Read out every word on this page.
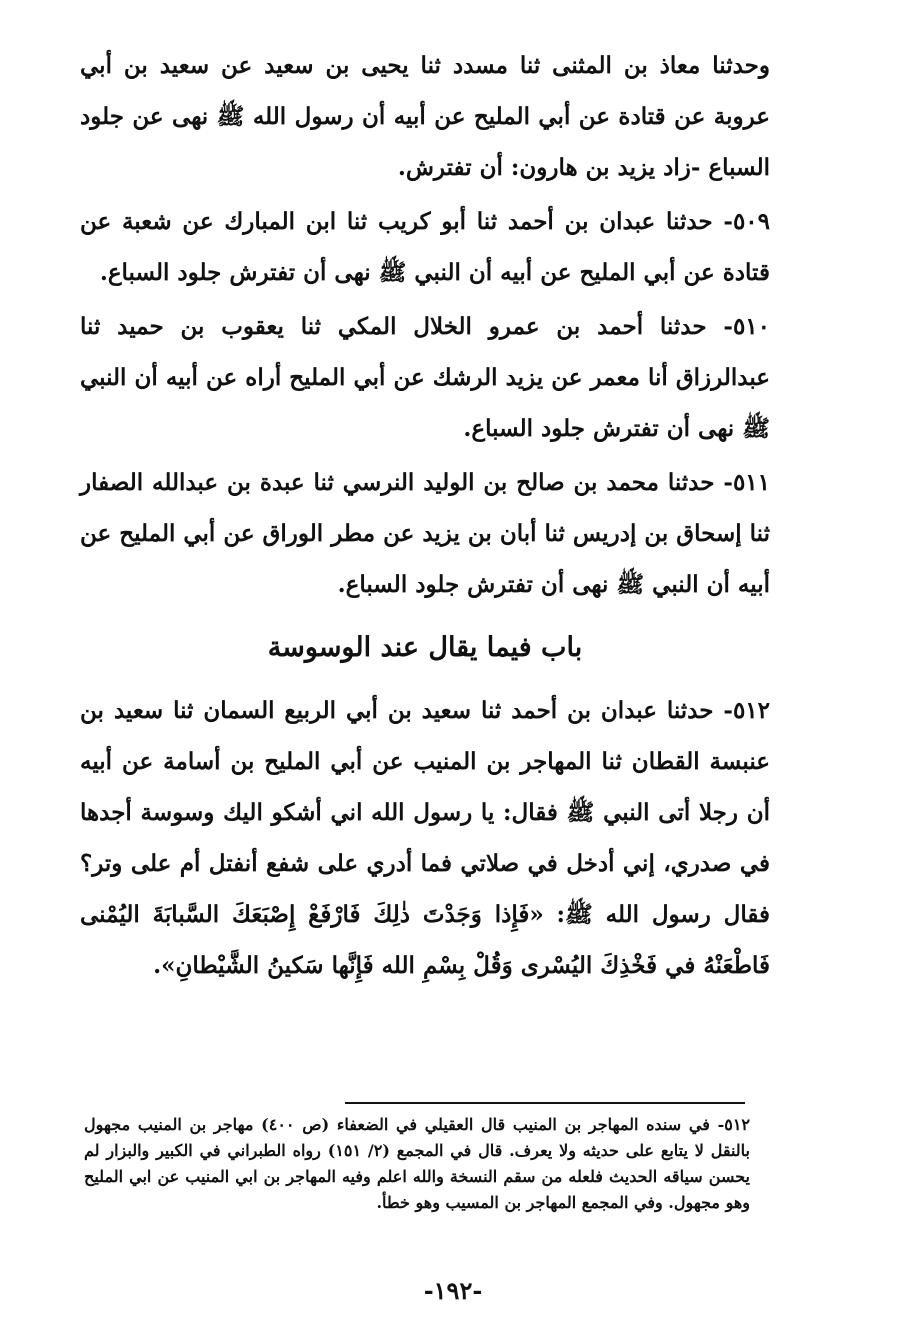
وحدثنا معاذ بن المثنى ثنا مسدد ثنا يحيى بن سعيد عن سعيد بن أبي عروبة عن قتادة عن أبي المليح عن أبيه أن رسول الله ﷺ نهى عن جلود السباع -زاد يزيد بن هارون: أن تفترش.

٥٠٩- حدثنا عبدان بن أحمد ثنا أبو كريب ثنا ابن المبارك عن شعبة عن قتادة عن أبي المليح عن أبيه أن النبي ﷺ نهى أن تفترش جلود السباع.

٥١٠- حدثنا أحمد بن عمرو الخلال المكي ثنا يعقوب بن حميد ثنا عبدالرزاق أنا معمر عن يزيد الرشك عن أبي المليح أراه عن أبيه أن النبي ﷺ نهى أن تفترش جلود السباع.

٥١١- حدثنا محمد بن صالح بن الوليد النرسي ثنا عبدة بن عبدالله الصفار ثنا إسحاق بن إدريس ثنا أبان بن يزيد عن مطر الوراق عن أبي المليح عن أبيه أن النبي ﷺ نهى أن تفترش جلود السباع.

باب فيما يقال عند الوسوسة

٥١٢- حدثنا عبدان بن أحمد ثنا سعيد بن أبي الربيع السمان ثنا سعيد بن عنبسة القطان ثنا المهاجر بن المنيب عن أبي المليح بن أسامة عن أبيه أن رجلا أتى النبي ﷺ فقال: يا رسول الله اني أشكو اليك وسوسة أجدها في صدري، إني أدخل في صلاتي فما أدري على شفع أنفتل أم على وتر؟ فقال رسول الله ﷺ: «فَإِذا وَجَدْتَ ذٰلِكَ فَارْفَعْ إِصْبَعَكَ السَّبابَةَ اليُمْنى فَاطْعَنْهُ في فَخْذِكَ اليُسْرى وَقُلْ بِسْمِ الله فَإِنَّها سَكينُ الشَّيْطانِ».

٥١٢- في سنده المهاجر بن المنيب قال العقيلي في الضعفاء (ص ٤٠٠) مهاجر بن المنيب مجهول بالنقل لا يتابع على حديثه ولا يعرف. قال في المجمع (٢/ ١٥١) رواه الطبراني في الكبير والبزار لم يحسن سياقه الحديث فلعله من سقم النسخة والله اعلم وفيه المهاجر بن ابي المنيب عن ابي المليح وهو مجهول. وفي المجمع المهاجر بن المسيب وهو خطأ.

-١٩٢-
